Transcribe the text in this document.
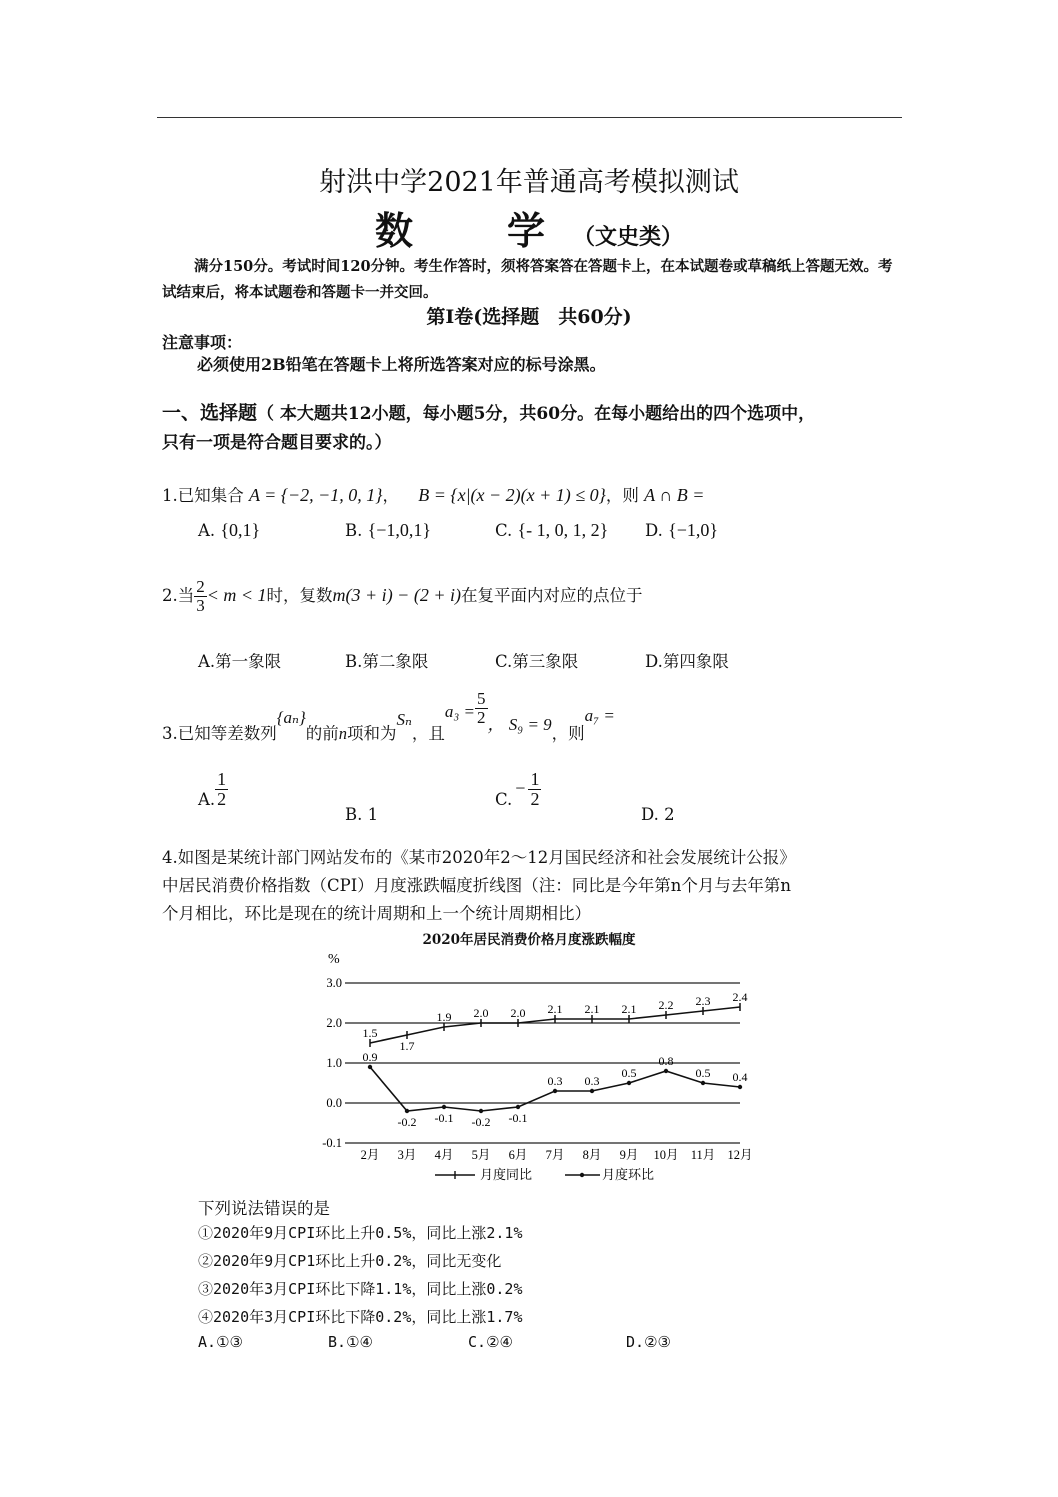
射洪中学2021年普通高考模拟测试
数　学（文史类）
满分150分。考试时间120分钟。考生作答时，须将答案答在答题卡上，在本试题卷或草稿纸上答题无效。考试结束后，将本试题卷和答题卡一并交回。
第Ⅰ卷(选择题　共60分)
注意事项：
必须使用2B铅笔在答题卡上将所选答案对应的标号涂黑。
一、选择题（ 本大题共12小题，每小题5分，共60分。在每小题给出的四个选项中，
只有一项是符合题目要求的。）
1.已知集合 A = {−2, −1, 0, 1}， B = {x|(x − 2)(x + 1) ≤ 0}，则 A ∩ B =
A. {0,1}	B. {−1,0,1}	C. {- 1, 0, 1, 2} D. {−1,0}
2.当 $\frac{2}{3} < m < 1$时，复数m(3 + i) − (2 + i)在复平面内对应的点位于
A.第一象限	B.第二象限	C.第三象限	D.第四象限
3.已知等差数列{aₙ}的前n项和为Sₙ，且$a_3 = \frac{5}{2}$ ， S₉ = 9，则a₇ =
A. $\frac{1}{2}$
B. 1
$C.- \frac{1}{2}$
D. 2
4.如图是某统计部门网站发布的《某市2020年2～12月国民经济和社会发展统计公报》
中居民消费价格指数（CPI）月度涨跌幅度折线图（注：同比是今年第n个月与去年第n
个月相比，环比是现在的统计周期和上一个统计周期相比）
2020年居民消费价格月度涨跌幅度
%
3.0
2.0
1.0
0.0
-0.1
2月 3月 4月 5月 6月 7月 8月 9月 10月 11月 12月
1.5
1.7
1.9 2.0 2.0 2.1 2.1 2.1 2.2 2.3 2.4
0.9
-0.2 -0.1 -0.2 -0.1
0.3 0.3
0.5
0.8
0.5 0.4
月度同比	月度环比
下列说法错误的是
①2020年9月CPI环比上升0.5%，同比上涨2.1%
②2020年9月CP1环比上升0.2%，同比无变化
③2020年3月CPI环比下降1.1%，同比上涨0.2%
④2020年3月CPI环比下降0.2%，同比上涨1.7%
A.①③	B.①④	C.②④	D.②③
